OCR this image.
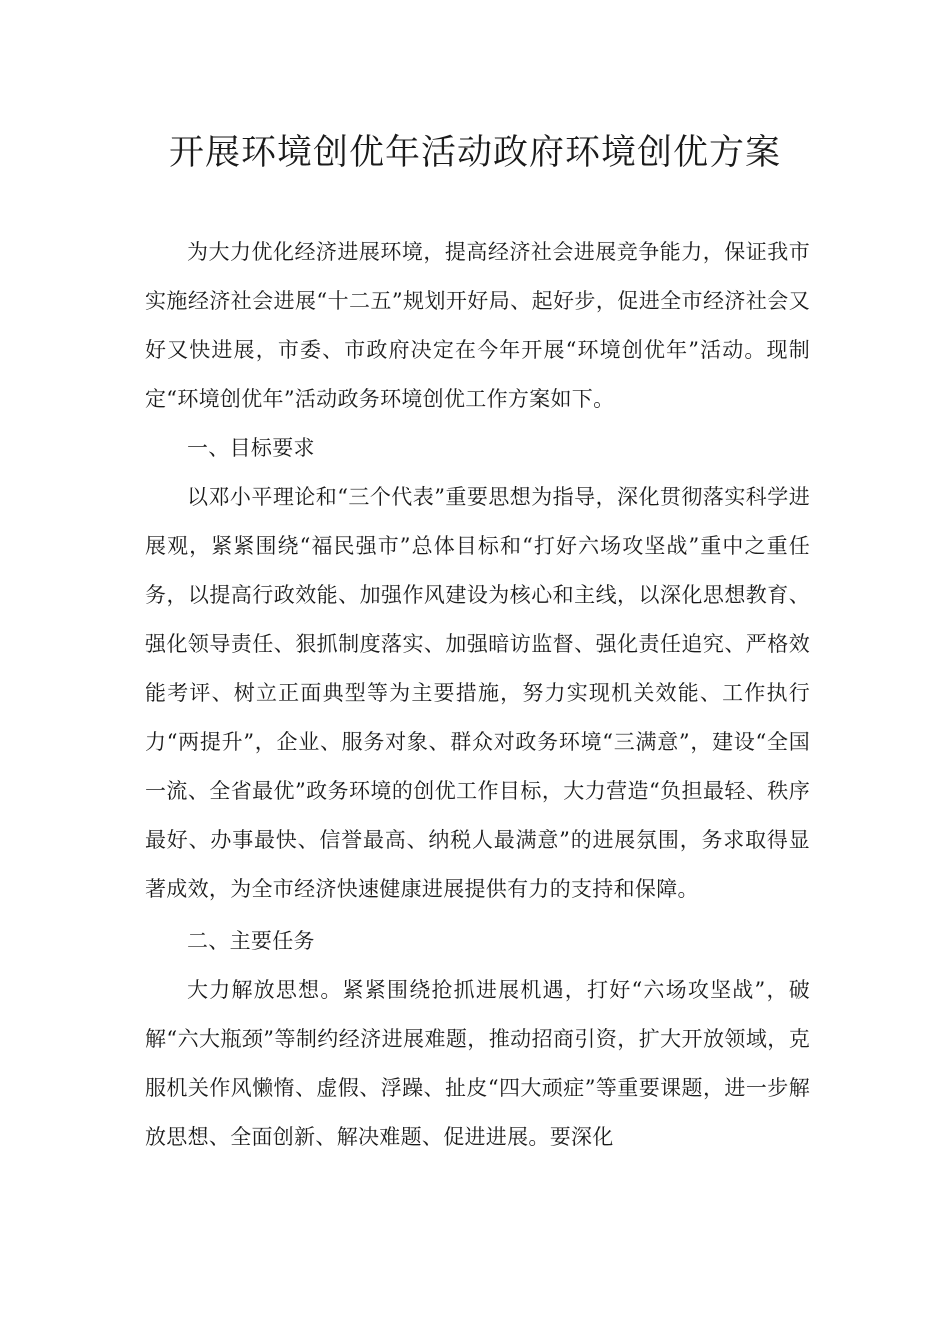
开展环境创优年活动政府环境创优方案

为大力优化经济进展环境，提高经济社会进展竞争能力，保证我市实施经济社会进展“十二五”规划开好局、起好步，促进全市经济社会又好又快进展，市委、市政府决定在今年开展“环境创优年”活动。现制定“环境创优年”活动政务环境创优工作方案如下。

一、目标要求

以邓小平理论和“三个代表”重要思想为指导，深化贯彻落实科学进展观，紧紧围绕“福民强市”总体目标和“打好六场攻坚战”重中之重任务，以提高行政效能、加强作风建设为核心和主线，以深化思想教育、强化领导责任、狠抓制度落实、加强暗访监督、强化责任追究、严格效能考评、树立正面典型等为主要措施，努力实现机关效能、工作执行力“两提升”，企业、服务对象、群众对政务环境“三满意”，建设“全国一流、全省最优”政务环境的创优工作目标，大力营造“负担最轻、秩序最好、办事最快、信誉最高、纳税人最满意”的进展氛围，务求取得显著成效，为全市经济快速健康进展提供有力的支持和保障。

二、主要任务

大力解放思想。紧紧围绕抢抓进展机遇，打好“六场攻坚战”，破解“六大瓶颈”等制约经济进展难题，推动招商引资，扩大开放领域，克服机关作风懒惰、虚假、浮躁、扯皮“四大顽症”等重要课题，进一步解放思想、全面创新、解决难题、促进进展。要深化
